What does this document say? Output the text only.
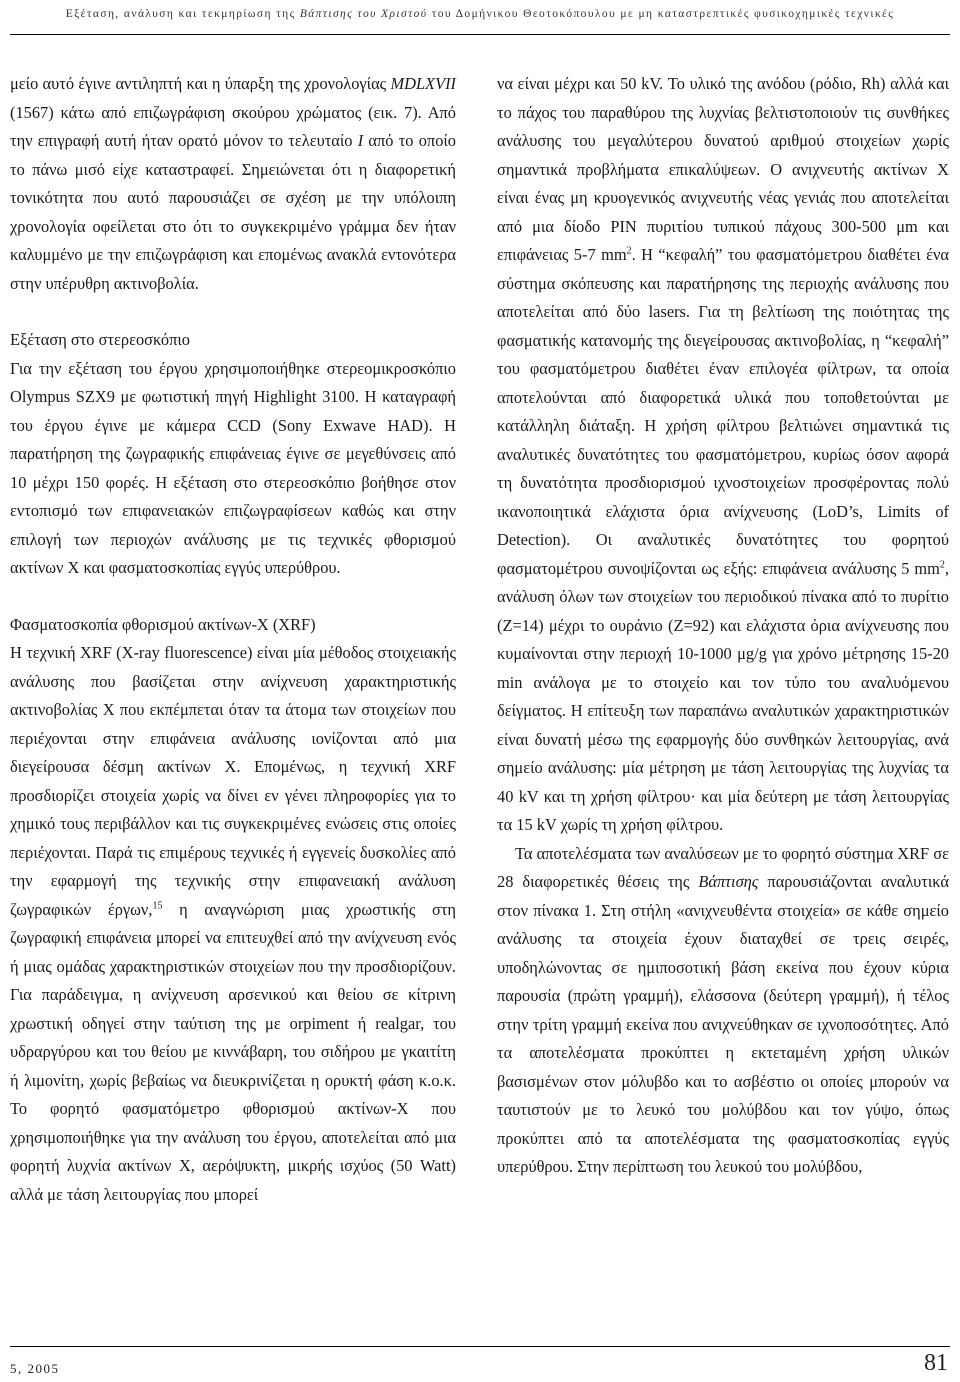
Εξέταση, ανάλυση και τεκμηρίωση της Βάπτισης του Χριστού του Δομήνικου Θεοτοκόπουλου με μη καταστρεπτικές φυσικοχημικές τεχνικές

μείο αυτό έγινε αντιληπτή και η ύπαρξη της χρονολογίας MDLXVII (1567) κάτω από επιζωγράφιση σκούρου χρώματος (εικ. 7). Από την επιγραφή αυτή ήταν ορατό μόνον το τελευταίο I από το οποίο το πάνω μισό είχε καταστραφεί. Σημειώνεται ότι η διαφορετική τονικότητα που αυτό παρουσιάζει σε σχέση με την υπόλοιπη χρονολογία οφείλεται στο ότι το συγκεκριμένο γράμμα δεν ήταν καλυμμένο με την επιζωγράφιση και επομένως ανακλά εντονότερα στην υπέρυθρη ακτινοβολία.

Εξέταση στο στερεοσκόπιο

Για την εξέταση του έργου χρησιμοποιήθηκε στερεομικροσκόπιο Olympus SZX9 με φωτιστική πηγή Highlight 3100. Η καταγραφή του έργου έγινε με κάμερα CCD (Sony Exwave HAD). Η παρατήρηση της ζωγραφικής επιφάνειας έγινε σε μεγεθύνσεις από 10 μέχρι 150 φορές. Η εξέταση στο στερεοσκόπιο βοήθησε στον εντοπισμό των επιφανειακών επιζωγραφίσεων καθώς και στην επιλογή των περιοχών ανάλυσης με τις τεχνικές φθορισμού ακτίνων X και φασματοσκοπίας εγγύς υπερύθρου.

Φασματοσκοπία φθορισμού ακτίνων-X (XRF)

Η τεχνική XRF (X-ray fluorescence) είναι μία μέθοδος στοιχειακής ανάλυσης που βασίζεται στην ανίχνευση χαρακτηριστικής ακτινοβολίας X που εκπέμπεται όταν τα άτομα των στοιχείων που περιέχονται στην επιφάνεια ανάλυσης ιονίζονται από μια διεγείρουσα δέσμη ακτίνων X. Επομένως, η τεχνική XRF προσδιορίζει στοιχεία χωρίς να δίνει εν γένει πληροφορίες για το χημικό τους περιβάλλον και τις συγκεκριμένες ενώσεις στις οποίες περιέχονται. Παρά τις επιμέρους τεχνικές ή εγγενείς δυσκολίες από την εφαρμογή της τεχνικής στην επιφανειακή ανάλυση ζωγραφικών έργων,$^{15}$ η αναγνώριση μιας χρωστικής στη ζωγραφική επιφάνεια μπορεί να επιτευχθεί από την ανίχνευση ενός ή μιας ομάδας χαρακτηριστικών στοιχείων που την προσδιορίζουν. Για παράδειγμα, η ανίχνευση αρσενικού και θείου σε κίτρινη χρωστική οδηγεί στην ταύτιση της με orpiment ή realgar, του υδραργύρου και του θείου με κιννάβαρη, του σιδήρου με γκαιτίτη ή λιμονίτη, χωρίς βεβαίως να διευκρινίζεται η ορυκτή φάση κ.ο.κ. Το φορητό φασματόμετρο φθορισμού ακτίνων-X που χρησιμοποιήθηκε για την ανάλυση του έργου, αποτελείται από μια φορητή λυχνία ακτίνων X, αερόψυκτη, μικρής ισχύος (50 Watt) αλλά με τάση λειτουργίας που μπορεί

να είναι μέχρι και 50 kV. Το υλικό της ανόδου (ρόδιο, Rh) αλλά και το πάχος του παραθύρου της λυχνίας βελτιστοποιούν τις συνθήκες ανάλυσης του μεγαλύτερου δυνατού αριθμού στοιχείων χωρίς σημαντικά προβλήματα επικαλύψεων. Ο ανιχνευτής ακτίνων X είναι ένας μη κρυογενικός ανιχνευτής νέας γενιάς που αποτελείται από μια δίοδο PIN πυριτίου τυπικού πάχους 300-500 μm και επιφάνειας 5-7 $mm^2$. Η “κεφαλή” του φασματόμετρου διαθέτει ένα σύστημα σκόπευσης και παρατήρησης της περιοχής ανάλυσης που αποτελείται από δύο lasers. Για τη βελτίωση της ποιότητας της φασματικής κατανομής της διεγείρουσας ακτινοβολίας, η “κεφαλή” του φασματόμετρου διαθέτει έναν επιλογέα φίλτρων, τα οποία αποτελούνται από διαφορετικά υλικά που τοποθετούνται με κατάλληλη διάταξη. Η χρήση φίλτρου βελτιώνει σημαντικά τις αναλυτικές δυνατότητες του φασματόμετρου, κυρίως όσον αφορά τη δυνατότητα προσδιορισμού ιχνοστοιχείων προσφέροντας πολύ ικανοποιητικά ελάχιστα όρια ανίχνευσης (LoD’s, Limits of Detection). Οι αναλυτικές δυνατότητες του φορητού φασματομέτρου συνοψίζονται ως εξής: επιφάνεια ανάλυσης 5 $mm^2$, ανάλυση όλων των στοιχείων του περιοδικού πίνακα από το πυρίτιο (Z=14) μέχρι το ουράνιο (Z=92) και ελάχιστα όρια ανίχνευσης που κυμαίνονται στην περιοχή 10-1000 μg/g για χρόνο μέτρησης 15-20 min ανάλογα με το στοιχείο και τον τύπο του αναλυόμενου δείγματος. Η επίτευξη των παραπάνω αναλυτικών χαρακτηριστικών είναι δυνατή μέσω της εφαρμογής δύο συνθηκών λειτουργίας, ανά σημείο ανάλυσης: μία μέτρηση με τάση λειτουργίας της λυχνίας τα 40 kV και τη χρήση φίλτρου· και μία δεύτερη με τάση λειτουργίας τα 15 kV χωρίς τη χρήση φίλτρου.

Τα αποτελέσματα των αναλύσεων με το φορητό σύστημα XRF σε 28 διαφορετικές θέσεις της Βάπτισης παρουσιάζονται αναλυτικά στον πίνακα 1. Στη στήλη «ανιχνευθέντα στοιχεία» σε κάθε σημείο ανάλυσης τα στοιχεία έχουν διαταχθεί σε τρεις σειρές, υποδηλώνοντας σε ημιποσοτική βάση εκείνα που έχουν κύρια παρουσία (πρώτη γραμμή), ελάσσονα (δεύτερη γραμμή), ή τέλος στην τρίτη γραμμή εκείνα που ανιχνεύθηκαν σε ιχνοποσότητες. Από τα αποτελέσματα προκύπτει η εκτεταμένη χρήση υλικών βασισμένων στον μόλυβδο και το ασβέστιο οι οποίες μπορούν να ταυτιστούν με το λευκό του μολύβδου και τον γύψο, όπως προκύπτει από τα αποτελέσματα της φασματοσκοπίας εγγύς υπερύθρου. Στην περίπτωση του λευκού του μολύβδου,

5, 2005	81
